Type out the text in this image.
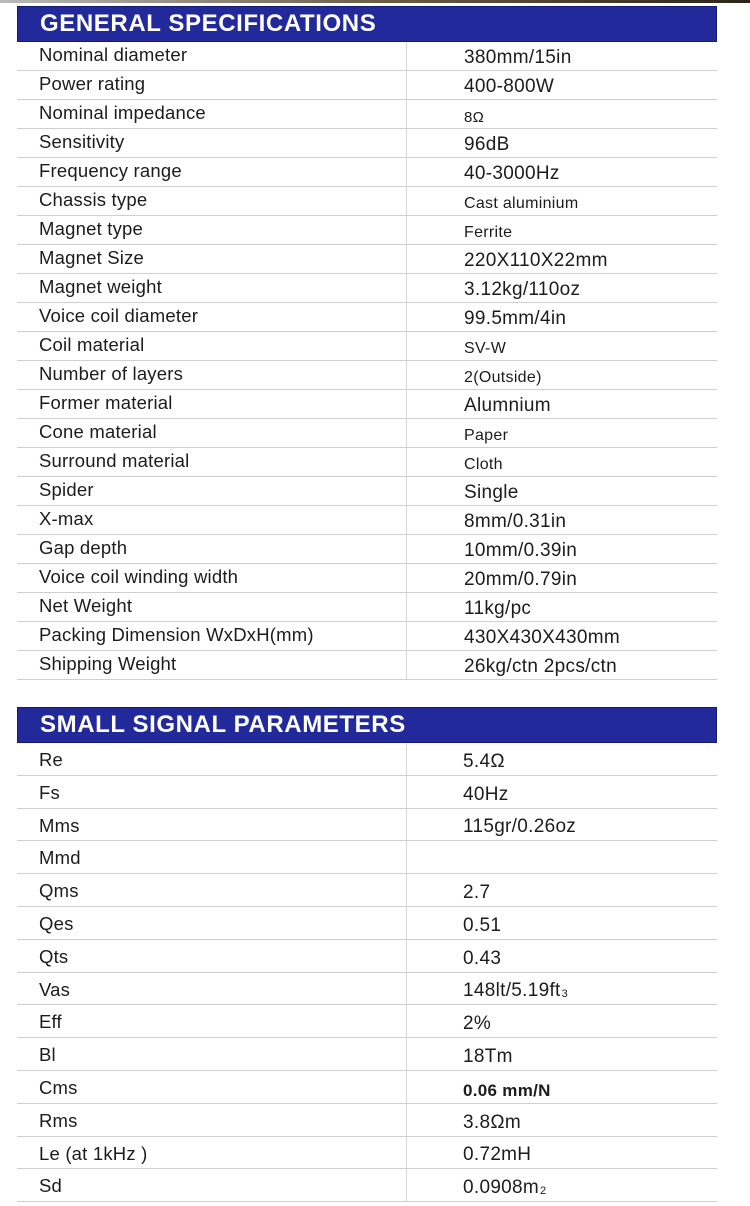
GENERAL SPECIFICATIONS
Nominal diameter	380mm/15in
Power rating	400-800W
Nominal impedance	8Ω
Sensitivity	96dB
Frequency range	40-3000Hz
Chassis type	Cast aluminium
Magnet type	Ferrite
Magnet Size	220X110X22mm
Magnet weight	3.12kg/110oz
Voice coil diameter	99.5mm/4in
Coil material	SV-W
Number of layers	2(Outside)
Former material	Alumnium
Cone material	Paper
Surround material	Cloth
Spider	Single
X-max	8mm/0.31in
Gap depth	10mm/0.39in
Voice coil winding width	20mm/0.79in
Net Weight	11kg/pc
Packing Dimension WxDxH(mm)	430X430X430mm
Shipping Weight	26kg/ctn 2pcs/ctn
SMALL SIGNAL PARAMETERS
Re	5.4Ω
Fs	40Hz
Mms	115gr/0.26oz
Mmd
Qms	2.7
Qes	0.51
Qts	0.43
Vas	$148lt/5.19ft_3$
Eff	2%
Bl	18Tm
Cms	0.06 mm/N
Rms	3.8Ωm
Le (at 1kHz )	0.72mH
Sd	$0.0908m_2$
